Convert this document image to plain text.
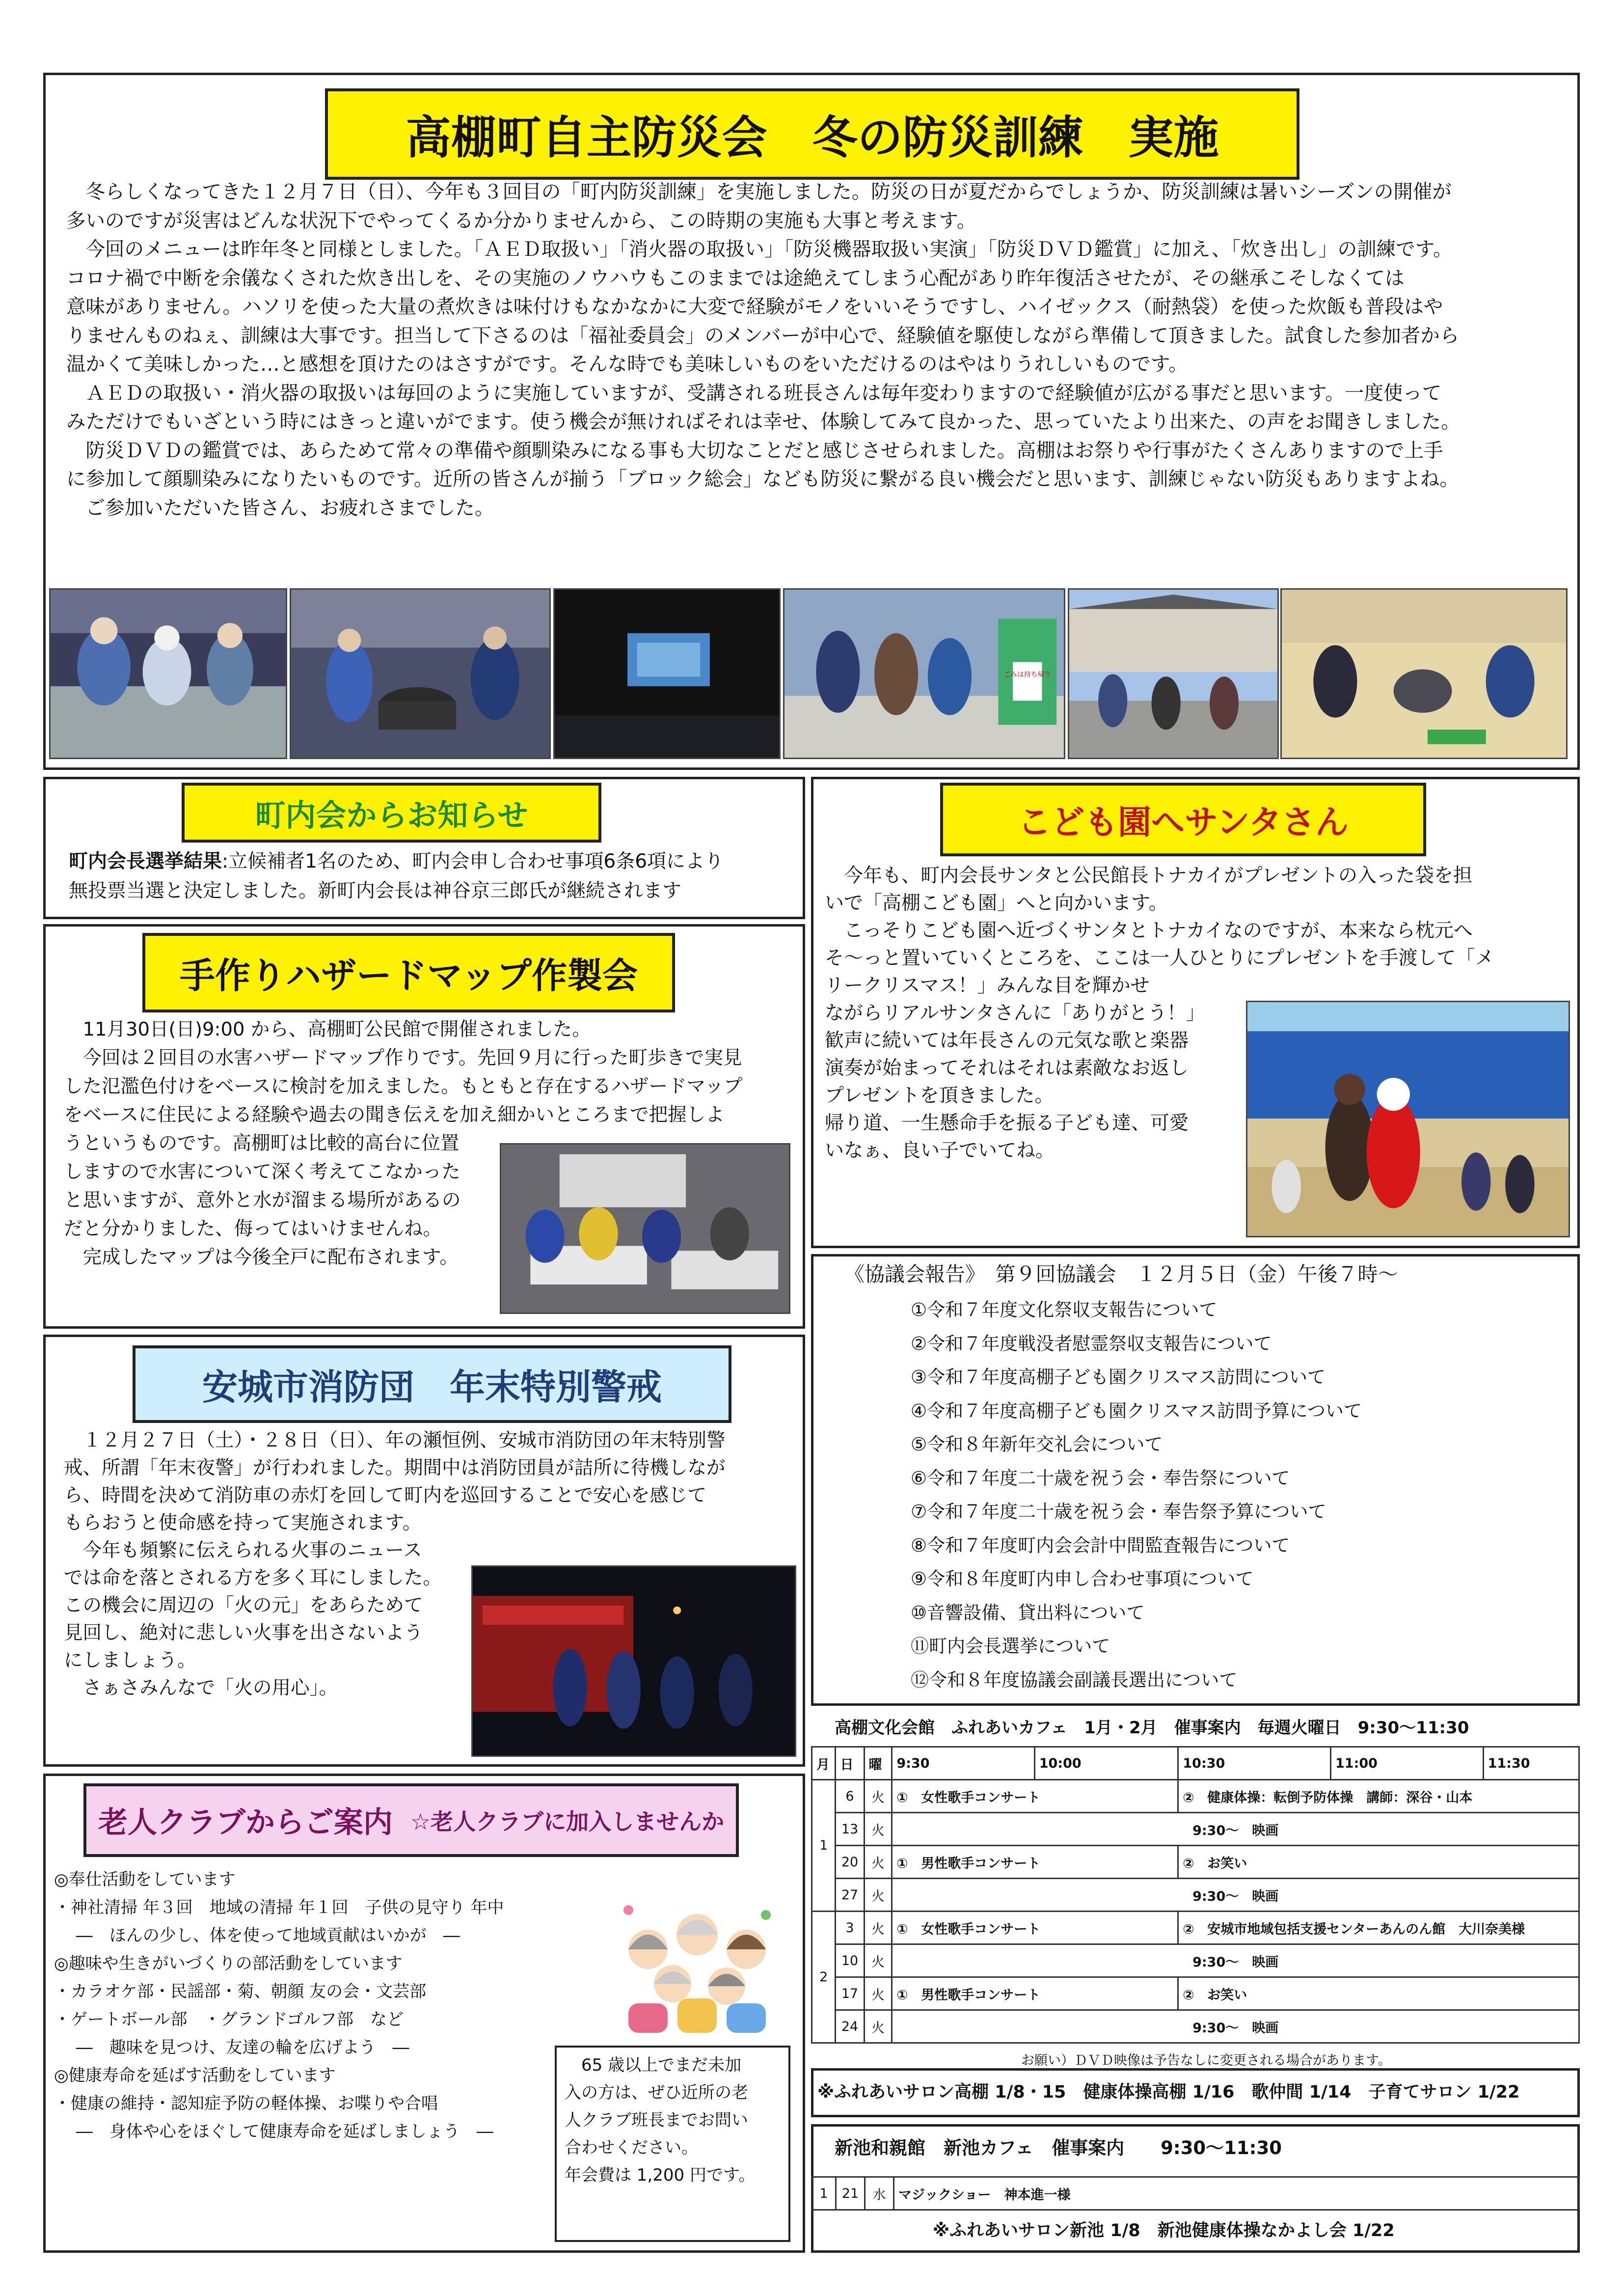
高棚町自主防災会　冬の防災訓練　実施
　冬らしくなってきた１２月７日（日）、今年も３回目の「町内防災訓練」を実施しました。防災の日が夏だからでしょうか、防災訓練は暑いシーズンの開催が
多いのですが災害はどんな状況下でやってくるか分かりませんから、この時期の実施も大事と考えます。
　今回のメニューは昨年冬と同様としました。「ＡＥＤ取扱い」「消火器の取扱い」「防災機器取扱い実演」「防災ＤＶＤ鑑賞」に加え、「炊き出し」の訓練です。
コロナ禍で中断を余儀なくされた炊き出しを、その実施のノウハウもこのままでは途絶えてしまう心配があり昨年復活させたが、その継承こそしなくては
意味がありません。ハソリを使った大量の煮炊きは味付けもなかなかに大変で経験がモノをいいそうですし、ハイゼックス（耐熱袋）を使った炊飯も普段はや
りませんものねぇ、訓練は大事です。担当して下さるのは「福祉委員会」のメンバーが中心で、経験値を駆使しながら準備して頂きました。試食した参加者から
温かくて美味しかった…と感想を頂けたのはさすがです。そんな時でも美味しいものをいただけるのはやはりうれしいものです。
　ＡＥＤの取扱い・消火器の取扱いは毎回のように実施していますが、受講される班長さんは毎年変わりますので経験値が広がる事だと思います。一度使って
みただけでもいざという時にはきっと違いがでます。使う機会が無ければそれは幸せ、体験してみて良かった、思っていたより出来た、の声をお聞きしました。
　防災ＤＶＤの鑑賞では、あらためて常々の準備や顔馴染みになる事も大切なことだと感じさせられました。高棚はお祭りや行事がたくさんありますので上手
に参加して顔馴染みになりたいものです。近所の皆さんが揃う「ブロック総会」なども防災に繋がる良い機会だと思います、訓練じゃない防災もありますよね。
　ご参加いただいた皆さん、お疲れさまでした。
ごみは持ち帰り
町内会からお知らせ
町内会長選挙結果:立候補者1名のため、町内会申し合わせ事項6条6項により
無投票当選と決定しました。新町内会長は神谷京三郎氏が継続されます
手作りハザードマップ作製会
　11月30日(日)9:00 から、高棚町公民館で開催されました。
　今回は２回目の水害ハザードマップ作りです。先回９月に行った町歩きで実見
した氾濫色付けをベースに検討を加えました。もともと存在するハザードマップ
をベースに住民による経験や過去の聞き伝えを加え細かいところまで把握しよ
うというものです。高棚町は比較的高台に位置
しますので水害について深く考えてこなかった
と思いますが、意外と水が溜まる場所があるの
だと分かりました、侮ってはいけませんね。
　完成したマップは今後全戸に配布されます。
安城市消防団　年末特別警戒
　１２月２７日（土）・２８日（日）、年の瀬恒例、安城市消防団の年末特別警
戒、所謂「年末夜警」が行われました。期間中は消防団員が詰所に待機しなが
ら、時間を決めて消防車の赤灯を回して町内を巡回することで安心を感じて
もらおうと使命感を持って実施されます。
　今年も頻繁に伝えられる火事のニュース
では命を落とされる方を多く耳にしました。
この機会に周辺の「火の元」をあらためて
見回し、絶対に悲しい火事を出さないよう
にしましょう。
　さぁさみんなで「火の用心」。
老人クラブからご案内 ☆老人クラブに加入しませんか
◎奉仕活動をしています
・神社清掃 年３回　地域の清掃 年１回　子供の見守り 年中
　 ―　ほんの少し、体を使って地域貢献はいかが　―
◎趣味や生きがいづくりの部活動をしています
・カラオケ部・民謡部・菊、朝顔 友の会・文芸部
・ゲートボール部　・グランドゴルフ部　など
　 ―　趣味を見つけ、友達の輪を広げよう　―
◎健康寿命を延ばす活動をしています
・健康の維持・認知症予防の軽体操、お喋りや合唱
　 ―　身体や心をほぐして健康寿命を延ばしましょう　―
　65 歳以上でまだ未加
入の方は、ぜひ近所の老
人クラブ班長までお問い
合わせください。
年会費は 1,200 円です。
こども園へサンタさん
　今年も、町内会長サンタと公民館長トナカイがプレゼントの入った袋を担
いで「高棚こども園」へと向かいます。
　こっそりこども園へ近づくサンタとトナカイなのですが、本来なら枕元へ
そ～っと置いていくところを、ここは一人ひとりにプレゼントを手渡して「メ
リークリスマス！」みんな目を輝かせ
ながらリアルサンタさんに「ありがとう！」
歓声に続いては年長さんの元気な歌と楽器
演奏が始まってそれはそれは素敵なお返し
プレゼントを頂きました。
帰り道、一生懸命手を振る子ども達、可愛
いなぁ、良い子でいてね。
《協議会報告》　第９回協議会　１２月５日（金）午後７時～
①令和７年度文化祭収支報告について
②令和７年度戦没者慰霊祭収支報告について
③令和７年度高棚子ども園クリスマス訪問について
④令和７年度高棚子ども園クリスマス訪問予算について
⑤令和８年新年交礼会について
⑥令和７年度二十歳を祝う会・奉告祭について
⑦令和７年度二十歳を祝う会・奉告祭予算について
⑧令和７年度町内会会計中間監査報告について
⑨令和８年度町内申し合わせ事項について
⑩音響設備、貸出料について
⑪町内会長選挙について
⑫令和８年度協議会副議長選出について
高棚文化会館　ふれあいカフェ　1月・2月　催事案内　毎週火曜日　9:30～11:30
月	日	曜	9:30	10:00	10:30	11:00	11:30
1	6	火	①　 女性歌手コンサート		②　 健康体操：転倒予防体操　講師：深谷・山本		
	13	火	9:30～　映画				
	20	火	①　 男性歌手コンサート		②　 お笑い		
	27	火	9:30～　映画				
2	3	火	①　 女性歌手コンサート		②　 安城市地域包括支援センターあんのん館　大川奈美様		
	10	火	9:30～　映画				
	17	火	①　 男性歌手コンサート		②　 お笑い		
	24	火	9:30～　映画				
お願い）ＤＶＤ映像は予告なしに変更される場合があります。
※ふれあいサロン高棚 1/8・15　健康体操高棚 1/16　歌仲間 1/14　子育てサロン 1/22
新池和親館　新池カフェ　催事案内　　9:30～11:30
1	21	水	マジックショー　神本進一様
※ふれあいサロン新池 1/8　新池健康体操なかよし会 1/22
